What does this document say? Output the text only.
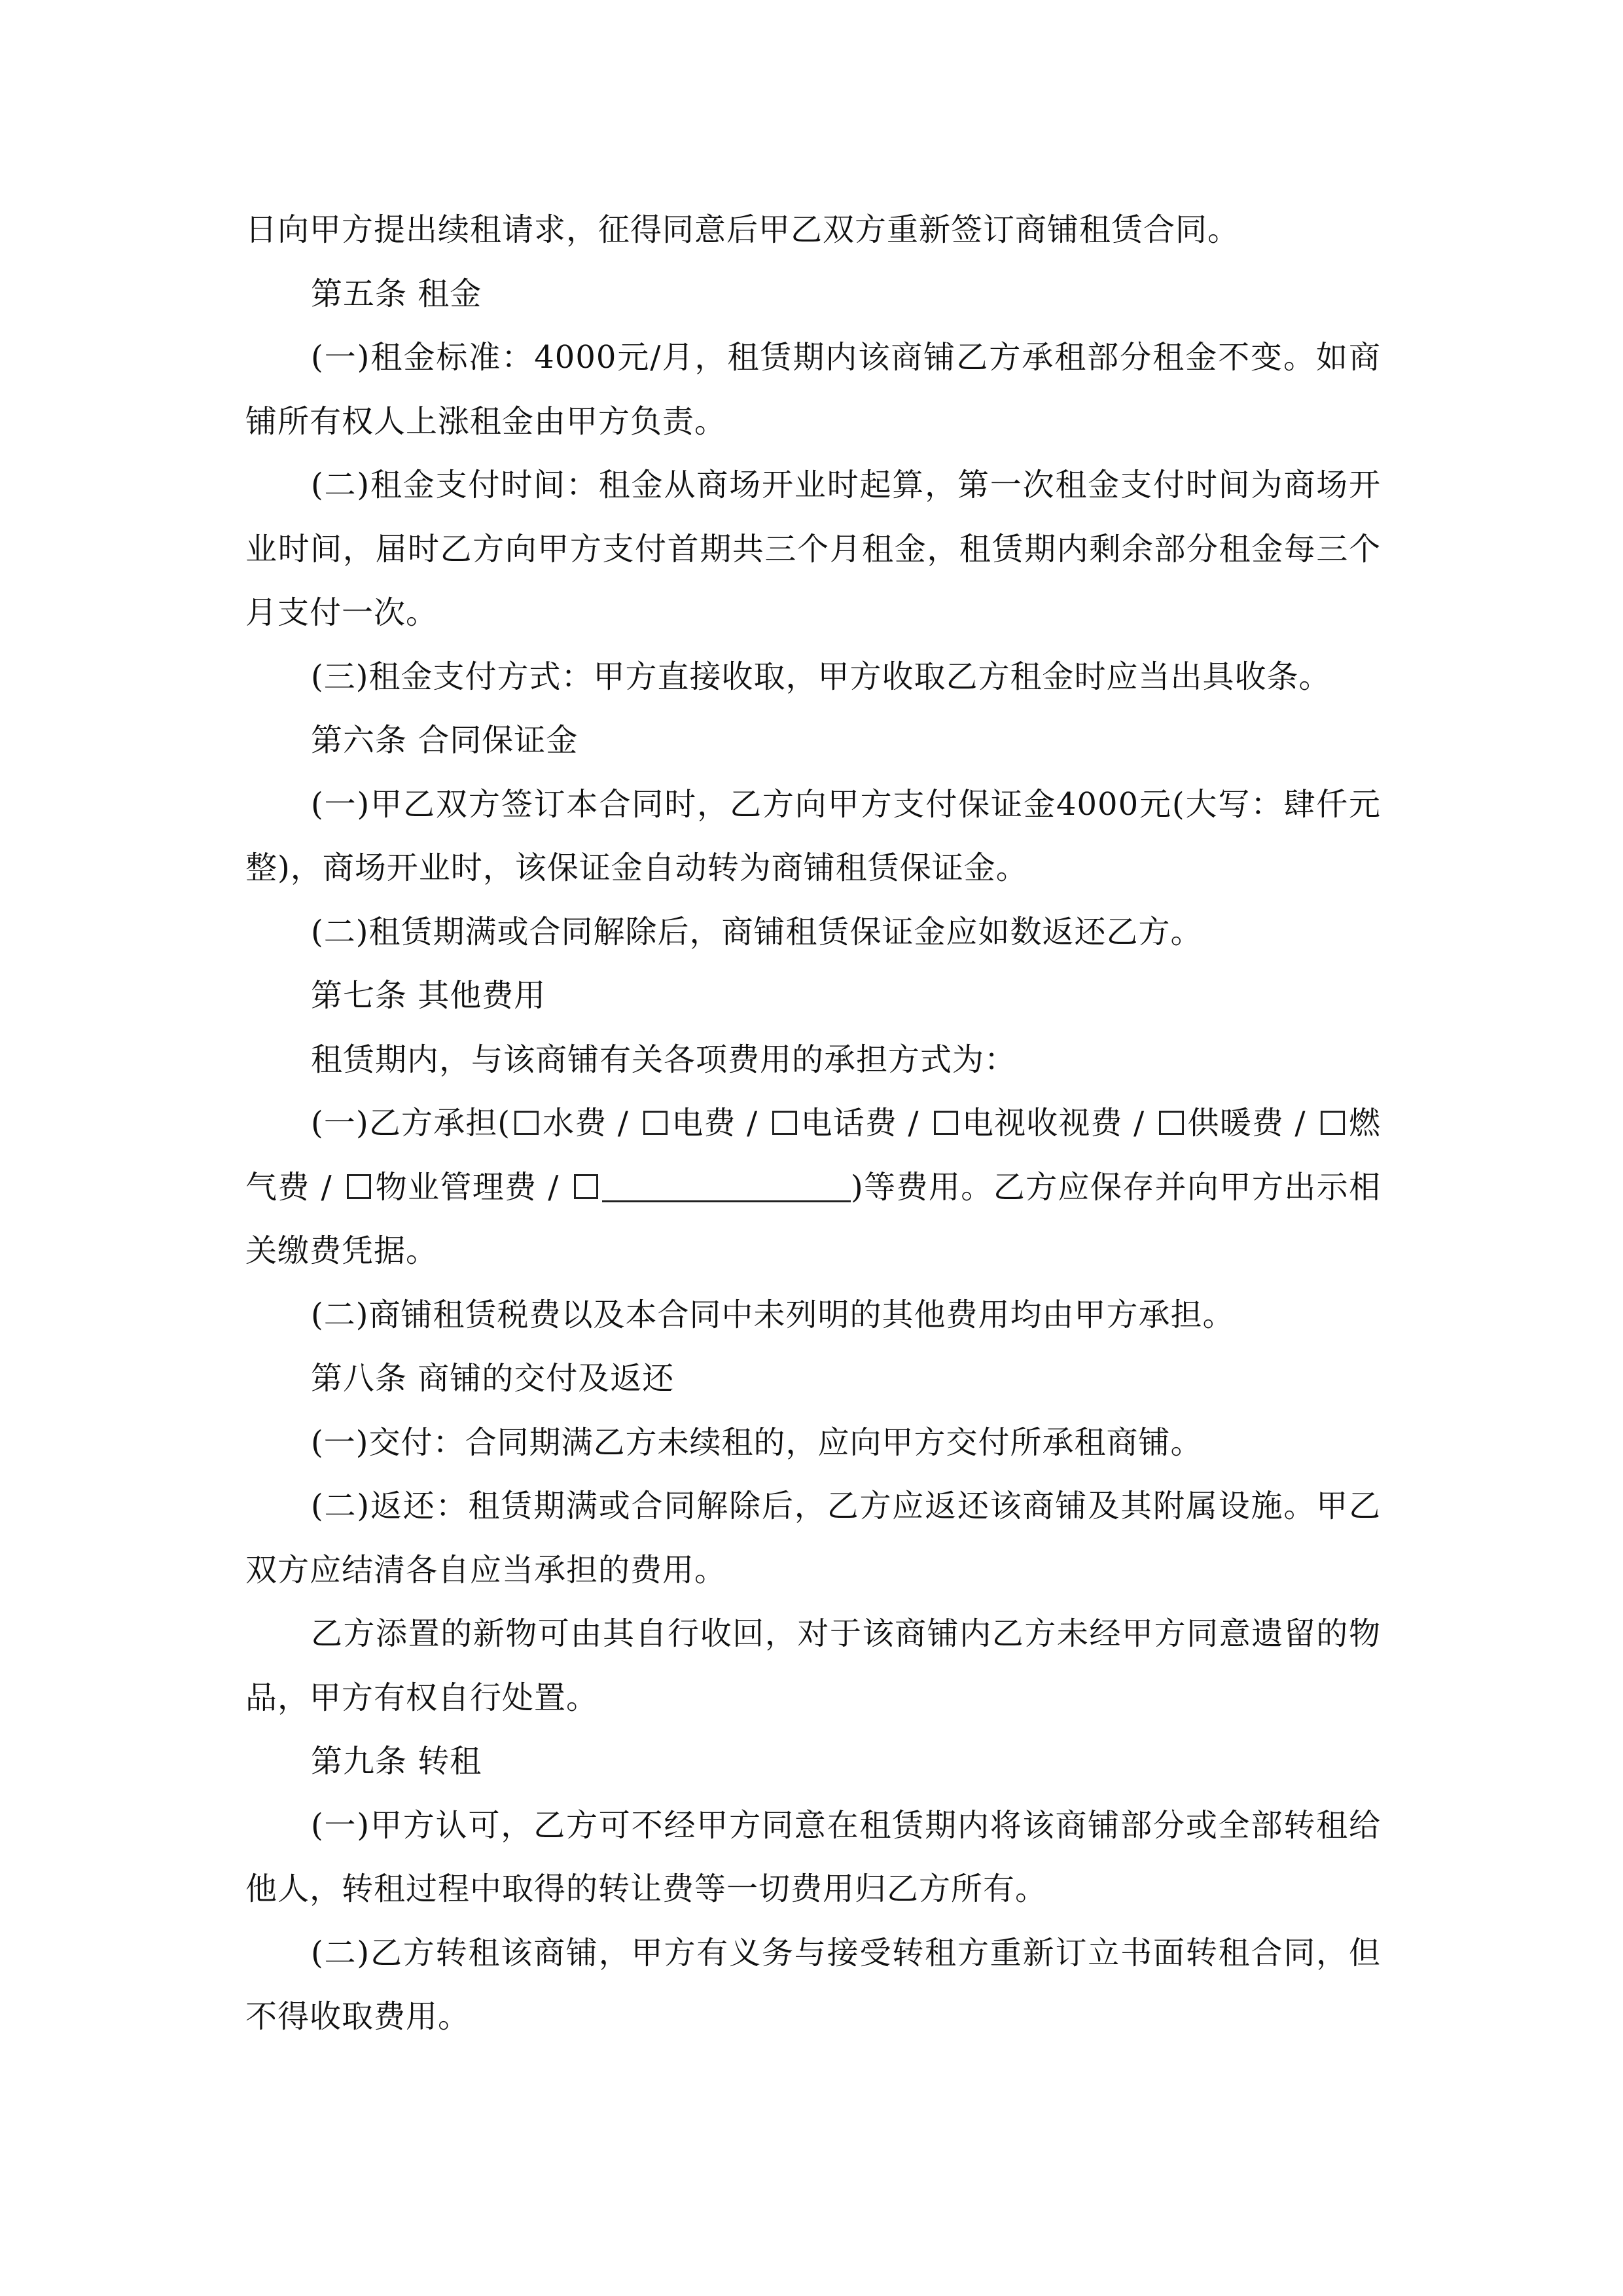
日向甲方提出续租请求，征得同意后甲乙双方重新签订商铺租赁合同。

第五条 租金

(一)租金标准：4000元/月，租赁期内该商铺乙方承租部分租金不变。如商铺所有权人上涨租金由甲方负责。

(二)租金支付时间：租金从商场开业时起算，第一次租金支付时间为商场开业时间，届时乙方向甲方支付首期共三个月租金，租赁期内剩余部分租金每三个月支付一次。

(三)租金支付方式：甲方直接收取，甲方收取乙方租金时应当出具收条。

第六条 合同保证金

(一)甲乙双方签订本合同时，乙方向甲方支付保证金4000元(大写：肆仟元整)，商场开业时，该保证金自动转为商铺租赁保证金。

(二)租赁期满或合同解除后，商铺租赁保证金应如数返还乙方。

第七条 其他费用

租赁期内，与该商铺有关各项费用的承担方式为：

(一)乙方承担( 水费 / 电费 / 电话费 / 电视收视费 / 供暖费 / 燃气费 / 物业管理费 /	)等费用。乙方应保存并向甲方出示相关缴费凭据。

(二)商铺租赁税费以及本合同中未列明的其他费用均由甲方承担。

第八条 商铺的交付及返还

(一)交付：合同期满乙方未续租的，应向甲方交付所承租商铺。

(二)返还：租赁期满或合同解除后，乙方应返还该商铺及其附属设施。甲乙双方应结清各自应当承担的费用。

乙方添置的新物可由其自行收回，对于该商铺内乙方未经甲方同意遗留的物品，甲方有权自行处置。

第九条 转租

(一)甲方认可，乙方可不经甲方同意在租赁期内将该商铺部分或全部转租给他人，转租过程中取得的转让费等一切费用归乙方所有。

(二)乙方转租该商铺，甲方有义务与接受转租方重新订立书面转租合同，但不得收取费用。
